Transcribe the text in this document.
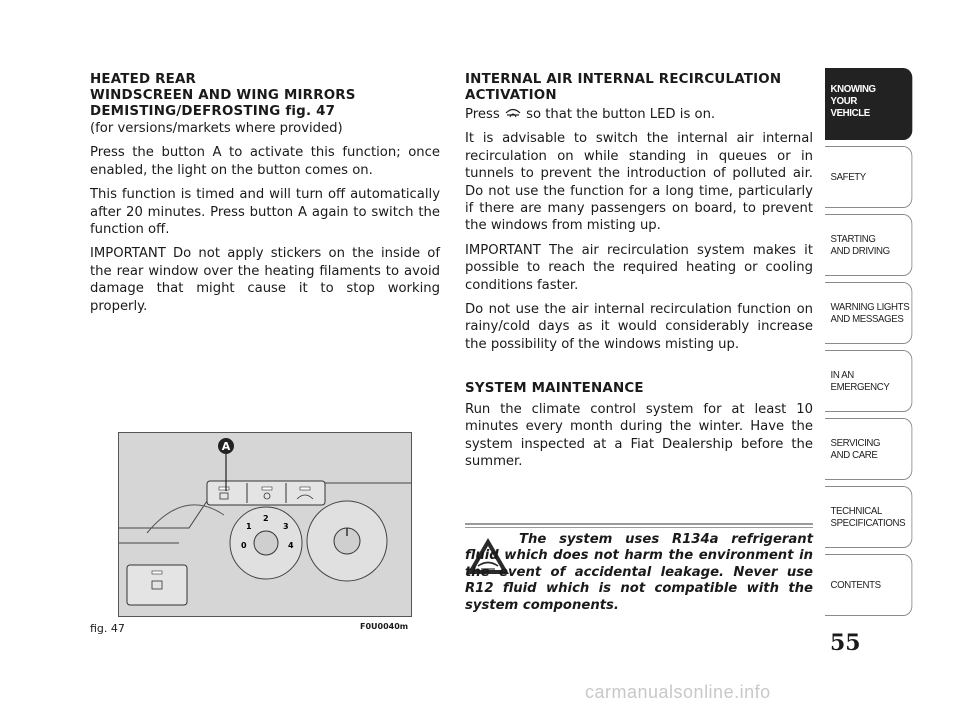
HEATED REAR
WINDSCREEN AND WING MIRRORS
DEMISTING/DEFROSTING fig. 47

(for versions/markets where provided)

Press the button A to activate this function; once enabled, the light on the button comes on.

This function is timed and will turn off automatically after 20 minutes. Press button A again to switch the function off.

IMPORTANT Do not apply stickers on the inside of the rear window over the heating filaments to avoid damage that might cause it to stop working properly.

INTERNAL AIR INTERNAL RECIRCULATION
ACTIVATION

Press so that the button LED is on.

It is advisable to switch the internal air internal recirculation on while standing in queues or in tunnels to prevent the introduction of polluted air. Do not use the function for a long time, particularly if there are many passengers on board, to prevent the windows from misting up.

IMPORTANT The air recirculation system makes it possible to reach the required heating or cooling conditions faster.

Do not use the air internal recirculation function on rainy/cold days as it would considerably increase the possibility of the windows misting up.

SYSTEM MAINTENANCE

Run the climate control system for at least 10 minutes every month during the winter. Have the system inspected at a Fiat Dealership before the summer.

A
0
1
2
3
4
fig. 47	F0U0040m

The system uses R134a refrigerant fluid which does not harm the environment in the event of accidental leakage. Never use R12 fluid which is not compatible with the system components.

KNOWING
YOUR
VEHICLE
SAFETY
STARTING
AND DRIVING
WARNING LIGHTS
AND MESSAGES
IN AN
EMERGENCY
SERVICING
AND CARE
TECHNICAL
SPECIFICATIONS
CONTENTS
55
carmanualsonline.info
